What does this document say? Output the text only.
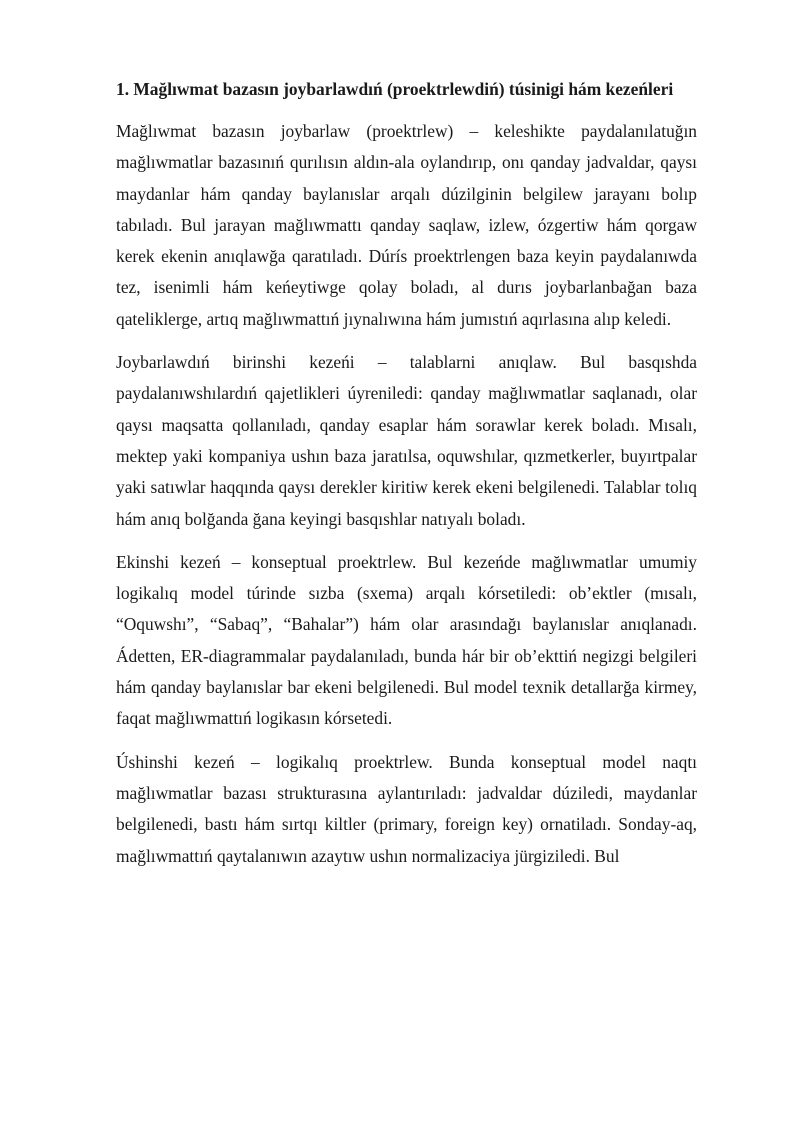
1. Mağlıwmat bazasın joybarlawdıń (proektrlewdiń) túsinigi hám kezeńleri

Mağlıwmat bazasın joybarlaw (proektrlew) – keleshikte paydalanılatuğın mağlıwmatlar bazasınıń qurılısın aldın-ala oylandırıp, onı qanday jadvaldar, qaysı maydanlar hám qanday baylanıslar arqalı dúzilginin belgilew jarayanı bolıp tabıladı. Bul jarayan mağlıwmattı qanday saqlaw, izlew, ózgertiw hám qorgaw kerek ekenin anıqlawğa qaratıladı. Dúrís proektrlengen baza keyin paydalanıwda tez, isenimli hám keńeytiwge qolay boladı, al durıs joybarlanbağan baza qateliklerge, artıq mağlıwmattıń jıynalıwına hám jumıstıń aqırlasına alıp keledi.

Joybarlawdıń birinshi kezeńi – talablarni anıqlaw. Bul basqıshda paydalanıwshılardıń qajetlikleri úyreniledi: qanday mağlıwmatlar saqlanadı, olar qaysı maqsatta qollanıladı, qanday esaplar hám sorawlar kerek boladı. Mısalı, mektep yaki kompaniya ushın baza jaratılsa, oquwshılar, qızmetkerler, buyırtpalar yaki satıwlar haqqında qaysı derekler kiritiw kerek ekeni belgilenedi. Talablar tolıq hám anıq bolğanda ğana keyingi basqıshlar natıyalı boladı.

Ekinshi kezeń – konseptual proektrlew. Bul kezeńde mağlıwmatlar umumiy logikalıq model túrinde sızba (sxema) arqalı kórsetiledi: ob’ektler (mısalı, “Oquwshı”, “Sabaq”, “Bahalar”) hám olar arasındağı baylanıslar anıqlanadı. Ádetten, ER-diagrammalar paydalanıladı, bunda hár bir ob’ekttiń negizgi belgileri hám qanday baylanıslar bar ekeni belgilenedi. Bul model texnik detallarğa kirmey, faqat mağlıwmattıń logikasın kórsetedi.

Úshinshi kezeń – logikalıq proektrlew. Bunda konseptual model naqtı mağlıwmatlar bazası strukturasına aylantırıladı: jadvaldar dúziledi, maydanlar belgilenedi, bastı hám sırtqı kiltler (primary, foreign key) ornatiladı. Sonday-aq, mağlıwmattıń qaytalanıwın azaytıw ushın normalizaciya jürgiziledi. Bul
